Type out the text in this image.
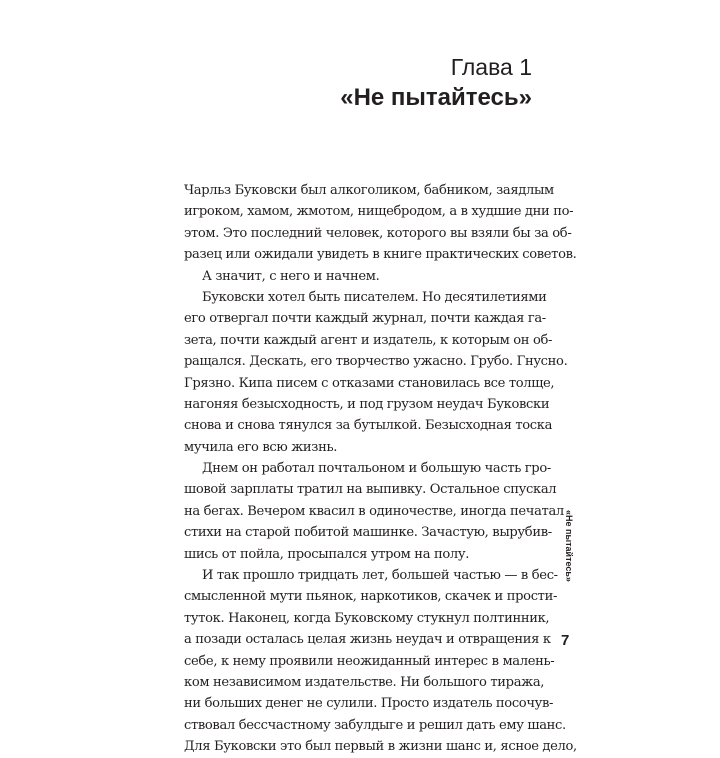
Глава 1
«Не пытайтесь»
Чарльз Буковски был алкоголиком, бабником, заядлым
игроком, хамом, жмотом, нищебродом, а в худшие дни по-
этом. Это последний человек, которого вы взяли бы за об-
разец или ожидали увидеть в книге практических советов.
А значит, с него и начнем.
Буковски хотел быть писателем. Но десятилетиями
его отвергал почти каждый журнал, почти каждая га-
зета, почти каждый агент и издатель, к которым он об-
ращался. Дескать, его творчество ужасно. Грубо. Гнусно.
Грязно. Кипа писем с отказами становилась все толще,
нагоняя безысходность, и под грузом неудач Буковски
снова и снова тянулся за бутылкой. Безысходная тоска
мучила его всю жизнь.
Днем он работал почтальоном и большую часть гро-
шовой зарплаты тратил на выпивку. Остальное спускал
на бегах. Вечером квасил в одиночестве, иногда печатал
стихи на старой побитой машинке. Зачастую, вырубив-
шись от пойла, просыпался утром на полу.
И так прошло тридцать лет, большей частью — в бес-
смысленной мути пьянок, наркотиков, скачек и прости-
туток. Наконец, когда Буковскому стукнул полтинник,
а позади осталась целая жизнь неудач и отвращения к
себе, к нему проявили неожиданный интерес в малень-
ком независимом издательстве. Ни большого тиража,
ни больших денег не сулили. Просто издатель посочув-
ствовал бессчастному забулдыге и решил дать ему шанс.
Для Буковски это был первый в жизни шанс и, ясное дело,
«Не пытайтесь»
7
